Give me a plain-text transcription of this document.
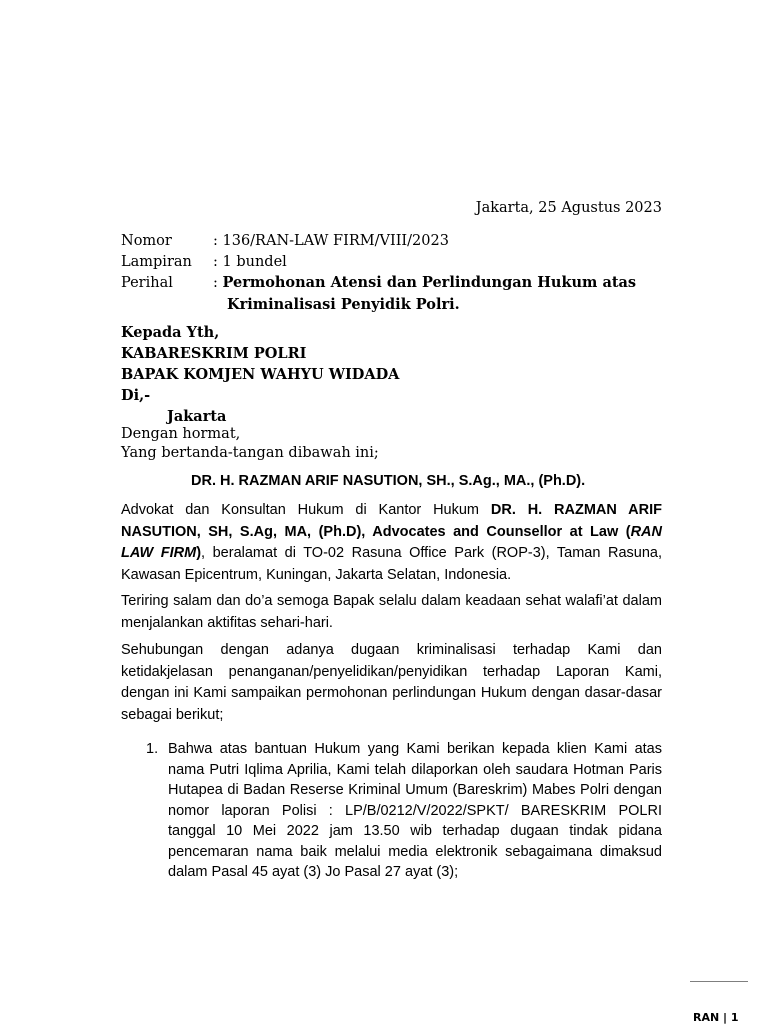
Jakarta, 25 Agustus 2023
Nomor	: 136/RAN-LAW FIRM/VIII/2023
Lampiran : 1 bundel
Perihal	: Permohonan Atensi dan Perlindungan Hukum atas
Kriminalisasi Penyidik Polri.
Kepada Yth,
KABARESKRIM POLRI
BAPAK KOMJEN WAHYU WIDADA
Di,-
Jakarta
Dengan hormat,
Yang bertanda-tangan dibawah ini;
DR. H. RAZMAN ARIF NASUTION, SH., S.Ag., MA., (Ph.D).
Advokat dan Konsultan Hukum di Kantor Hukum DR. H. RAZMAN ARIF NASUTION, SH, S.Ag, MA, (Ph.D), Advocates and Counsellor at Law (RAN LAW FIRM), beralamat di TO-02 Rasuna Office Park (ROP-3), Taman Rasuna, Kawasan Epicentrum, Kuningan, Jakarta Selatan, Indonesia.
Teriring salam dan do’a semoga Bapak selalu dalam keadaan sehat walafi’at dalam menjalankan aktifitas sehari-hari.
Sehubungan dengan adanya dugaan kriminalisasi terhadap Kami dan ketidakjelasan penanganan/penyelidikan/penyidikan terhadap Laporan Kami, dengan ini Kami sampaikan permohonan perlindungan Hukum dengan dasar-dasar sebagai berikut;
1. Bahwa atas bantuan Hukum yang Kami berikan kepada klien Kami atas nama Putri Iqlima Aprilia, Kami telah dilaporkan oleh saudara Hotman Paris Hutapea di Badan Reserse Kriminal Umum (Bareskrim) Mabes Polri dengan nomor laporan Polisi : LP/B/0212/V/2022/SPKT/ BARESKRIM POLRI tanggal 10 Mei 2022 jam 13.50 wib terhadap dugaan tindak pidana pencemaran nama baik melalui media elektronik sebagaimana dimaksud dalam Pasal 45 ayat (3) Jo Pasal 27 ayat (3);
RAN | 1
